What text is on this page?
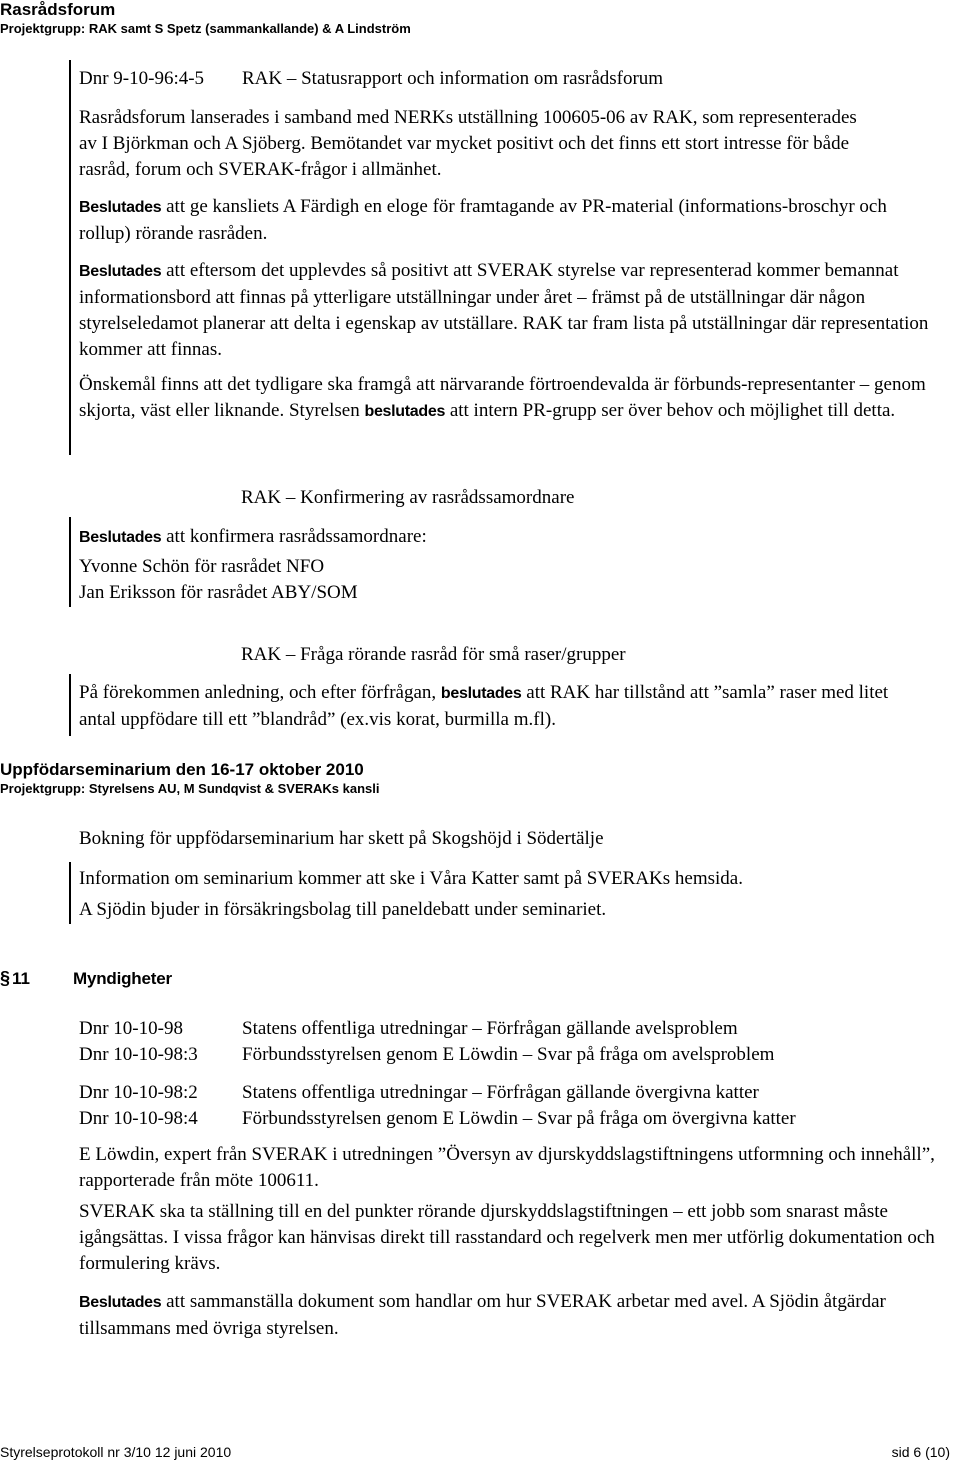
Rasrådsforum
Projektgrupp: RAK samt S Spetz (sammankallande) & A Lindström
Dnr 9-10-96:4-5 RAK – Statusrapport och information om rasrådsforum
Rasrådsforum lanserades i samband med NERKs utställning 100605-06 av RAK, som representerades av I Björkman och A Sjöberg. Bemötandet var mycket positivt och det finns ett stort intresse för både rasråd, forum och SVERAK-frågor i allmänhet.
Beslutades att ge kansliets A Färdigh en eloge för framtagande av PR-material (informations-broschyr och rollup) rörande rasråden.
Beslutades att eftersom det upplevdes så positivt att SVERAK styrelse var representerad kommer bemannat informationsbord att finnas på ytterligare utställningar under året – främst på de utställningar där någon styrelseledamot planerar att delta i egenskap av utställare. RAK tar fram lista på utställningar där representation kommer att finnas.
Önskemål finns att det tydligare ska framgå att närvarande förtroendevalda är förbunds-representanter – genom skjorta, väst eller liknande. Styrelsen beslutades att intern PR-grupp ser över behov och möjlighet till detta.
RAK – Konfirmering av rasrådssamordnare
Beslutades att konfirmera rasrådssamordnare:
Yvonne Schön för rasrådet NFO
Jan Eriksson för rasrådet ABY/SOM
RAK – Fråga rörande rasråd för små raser/grupper
På förekommen anledning, och efter förfrågan, beslutades att RAK har tillstånd att ”samla” raser med litet antal uppfödare till ett ”blandråd” (ex.vis korat, burmilla m.fl).
Uppfödarseminarium den 16-17 oktober 2010
Projektgrupp: Styrelsens AU, M Sundqvist & SVERAKs kansli
Bokning för uppfödarseminarium har skett på Skogshöjd i Södertälje
Information om seminarium kommer att ske i Våra Katter samt på SVERAKs hemsida.
A Sjödin bjuder in försäkringsbolag till paneldebatt under seminariet.
§ 11	Myndigheter
Dnr 10-10-98	Statens offentliga utredningar – Förfrågan gällande avelsproblem
Dnr 10-10-98:3 Förbundsstyrelsen genom E Löwdin – Svar på fråga om avelsproblem
Dnr 10-10-98:2 Statens offentliga utredningar – Förfrågan gällande övergivna katter
Dnr 10-10-98:4 Förbundsstyrelsen genom E Löwdin – Svar på fråga om övergivna katter
E Löwdin, expert från SVERAK i utredningen ”Översyn av djurskyddslagstiftningens utformning och innehåll”, rapporterade från möte 100611.
SVERAK ska ta ställning till en del punkter rörande djurskyddslagstiftningen – ett jobb som snarast måste igångsättas. I vissa frågor kan hänvisas direkt till rasstandard och regelverk men mer utförlig dokumentation och formulering krävs.
Beslutades att sammanställa dokument som handlar om hur SVERAK arbetar med avel. A Sjödin åtgärdar tillsammans med övriga styrelsen.
Styrelseprotokoll nr 3/10 12 juni 2010	sid 6 (10)
